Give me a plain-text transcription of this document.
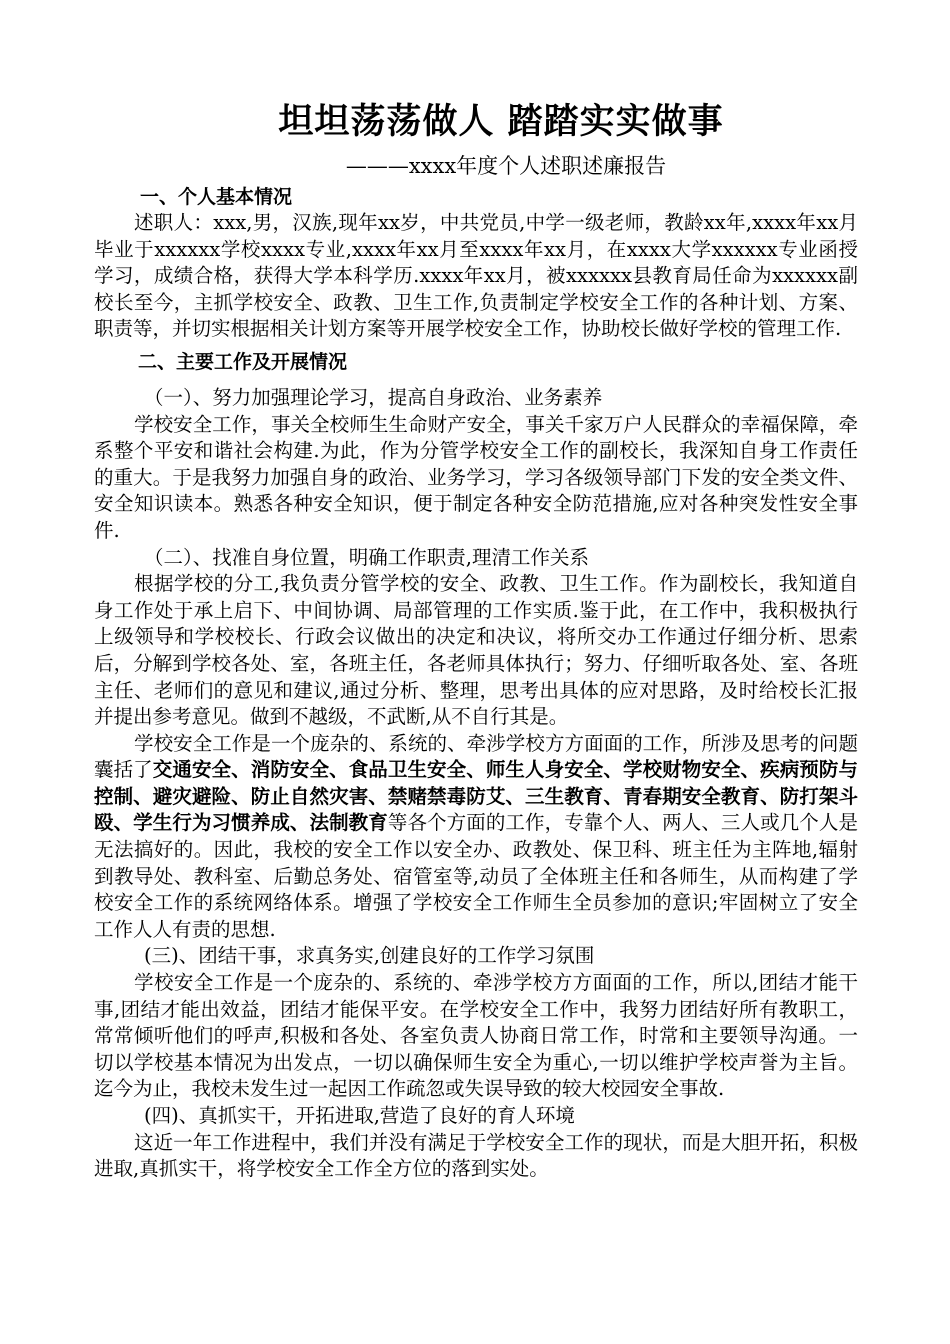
坦坦荡荡做人 踏踏实实做事
———xxxx年度个人述职述廉报告
一、个人基本情况

述职人：xxx,男，汉族,现年xx岁，中共党员,中学一级老师，教龄xx年,xxxx年xx月毕业于xxxxxx学校xxxx专业,xxxx年xx月至xxxx年xx月，在xxxx大学xxxxxx专业函授学习，成绩合格，获得大学本科学历.xxxx年xx月，被xxxxxx县教育局任命为xxxxxx副校长至今，主抓学校安全、政教、卫生工作,负责制定学校安全工作的各种计划、方案、职责等，并切实根据相关计划方案等开展学校安全工作，协助校长做好学校的管理工作.

二、主要工作及开展情况
（一）、努力加强理论学习，提高自身政治、业务素养

学校安全工作，事关全校师生生命财产安全，事关千家万户人民群众的幸福保障，牵系整个平安和谐社会构建.为此，作为分管学校安全工作的副校长，我深知自身工作责任的重大。于是我努力加强自身的政治、业务学习，学习各级领导部门下发的安全类文件、安全知识读本。熟悉各种安全知识，便于制定各种安全防范措施,应对各种突发性安全事件.

（二）、找准自身位置，明确工作职责,理清工作关系

根据学校的分工,我负责分管学校的安全、政教、卫生工作。作为副校长，我知道自身工作处于承上启下、中间协调、局部管理的工作实质.鉴于此，在工作中，我积极执行上级领导和学校校长、行政会议做出的决定和决议，将所交办工作通过仔细分析、思索后，分解到学校各处、室，各班主任，各老师具体执行；努力、仔细听取各处、室、各班主任、老师们的意见和建议,通过分析、整理，思考出具体的应对思路，及时给校长汇报并提出参考意见。做到不越级，不武断,从不自行其是。

学校安全工作是一个庞杂的、系统的、牵涉学校方方面面的工作，所涉及思考的问题囊括了交通安全、消防安全、食品卫生安全、师生人身安全、学校财物安全、疾病预防与控制、避灾避险、防止自然灾害、禁赌禁毒防艾、三生教育、青春期安全教育、防打架斗殴、学生行为习惯养成、法制教育等各个方面的工作，专靠个人、两人、三人或几个人是无法搞好的。因此，我校的安全工作以安全办、政教处、保卫科、班主任为主阵地,辐射到教导处、教科室、后勤总务处、宿管室等,动员了全体班主任和各师生，从而构建了学校安全工作的系统网络体系。增强了学校安全工作师生全员参加的意识;牢固树立了安全工作人人有责的思想.

(三)、团结干事，求真务实,创建良好的工作学习氛围

学校安全工作是一个庞杂的、系统的、牵涉学校方方面面的工作，所以,团结才能干事,团结才能出效益，团结才能保平安。在学校安全工作中，我努力团结好所有教职工，常常倾听他们的呼声,积极和各处、各室负责人协商日常工作，时常和主要领导沟通。一切以学校基本情况为出发点，一切以确保师生安全为重心,一切以维护学校声誉为主旨。迄今为止，我校未发生过一起因工作疏忽或失误导致的较大校园安全事故.

(四)、真抓实干，开拓进取,营造了良好的育人环境

这近一年工作进程中，我们并没有满足于学校安全工作的现状，而是大胆开拓，积极进取,真抓实干，将学校安全工作全方位的落到实处。
